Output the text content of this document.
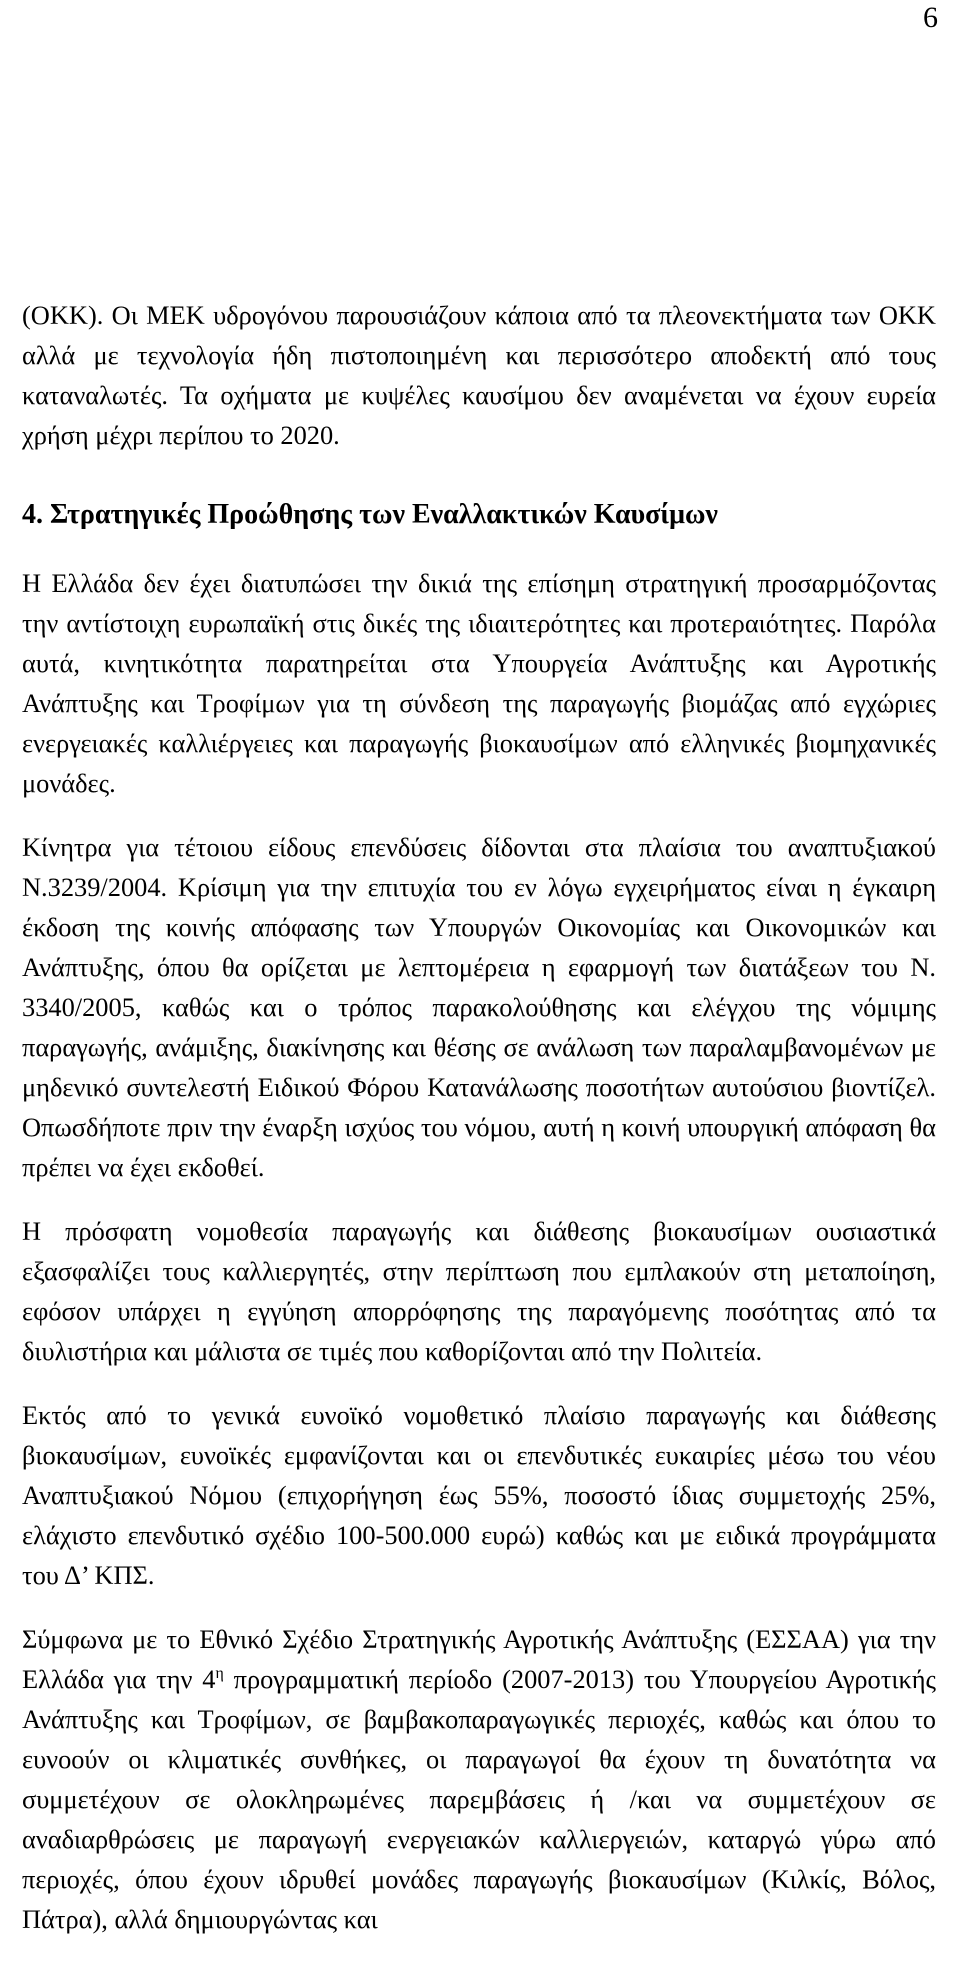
6

(ΟΚΚ). Οι ΜΕΚ υδρογόνου παρουσιάζουν κάποια από τα πλεονεκτήματα των ΟΚΚ αλλά με τεχνολογία ήδη πιστοποιημένη και περισσότερο αποδεκτή από τους καταναλωτές. Τα οχήματα με κυψέλες καυσίμου δεν αναμένεται να έχουν ευρεία χρήση μέχρι περίπου το 2020.

4. Στρατηγικές Προώθησης των Εναλλακτικών Καυσίμων

Η Ελλάδα δεν έχει διατυπώσει την δικιά της επίσημη στρατηγική προσαρμόζοντας την αντίστοιχη ευρωπαϊκή στις δικές της ιδιαιτερότητες και προτεραιότητες. Παρόλα αυτά, κινητικότητα παρατηρείται στα Υπουργεία Ανάπτυξης και Αγροτικής Ανάπτυξης και Τροφίμων για τη σύνδεση της παραγωγής βιομάζας από εγχώριες ενεργειακές καλλιέργειες και παραγωγής βιοκαυσίμων από ελληνικές βιομηχανικές μονάδες.

Κίνητρα για τέτοιου είδους επενδύσεις δίδονται στα πλαίσια του αναπτυξιακού Ν.3239/2004. Κρίσιμη για την επιτυχία του εν λόγω εγχειρήματος είναι η έγκαιρη έκδοση της κοινής απόφασης των Υπουργών Οικονομίας και Οικονομικών και Ανάπτυξης, όπου θα ορίζεται με λεπτομέρεια η εφαρμογή των διατάξεων του Ν. 3340/2005, καθώς και ο τρόπος παρακολούθησης και ελέγχου της νόμιμης παραγωγής, ανάμιξης, διακίνησης και θέσης σε ανάλωση των παραλαμβανομένων με μηδενικό συντελεστή Ειδικού Φόρου Κατανάλωσης ποσοτήτων αυτούσιου βιοντίζελ. Οπωσδήποτε πριν την έναρξη ισχύος του νόμου, αυτή η κοινή υπουργική απόφαση θα πρέπει να έχει εκδοθεί.

Η πρόσφατη νομοθεσία παραγωγής και διάθεσης βιοκαυσίμων ουσιαστικά εξασφαλίζει τους καλλιεργητές, στην περίπτωση που εμπλακούν στη μεταποίηση, εφόσον υπάρχει η εγγύηση απορρόφησης της παραγόμενης ποσότητας από τα διυλιστήρια και μάλιστα σε τιμές που καθορίζονται από την Πολιτεία.

Εκτός από το γενικά ευνοϊκό νομοθετικό πλαίσιο παραγωγής και διάθεσης βιοκαυσίμων, ευνοϊκές εμφανίζονται και οι επενδυτικές ευκαιρίες μέσω του νέου Αναπτυξιακού Νόμου (επιχορήγηση έως 55%, ποσοστό ίδιας συμμετοχής 25%, ελάχιστο επενδυτικό σχέδιο 100-500.000 ευρώ) καθώς και με ειδικά προγράμματα του Δ’ ΚΠΣ.

Σύμφωνα με το Εθνικό Σχέδιο Στρατηγικής Αγροτικής Ανάπτυξης (ΕΣΣΑΑ) για την Ελλάδα για την $4^\eta$ προγραμματική περίοδο (2007-2013) του Υπουργείου Αγροτικής Ανάπτυξης και Τροφίμων, σε βαμβακοπαραγωγικές περιοχές, καθώς και όπου το ευνοούν οι κλιματικές συνθήκες, οι παραγωγοί θα έχουν τη δυνατότητα να συμμετέχουν σε ολοκληρωμένες παρεμβάσεις ή /και να συμμετέχουν σε αναδιαρθρώσεις με παραγωγή ενεργειακών καλλιεργειών, καταργώ γύρω από περιοχές, όπου έχουν ιδρυθεί μονάδες παραγωγής βιοκαυσίμων (Κιλκίς, Βόλος, Πάτρα), αλλά δημιουργώντας και
